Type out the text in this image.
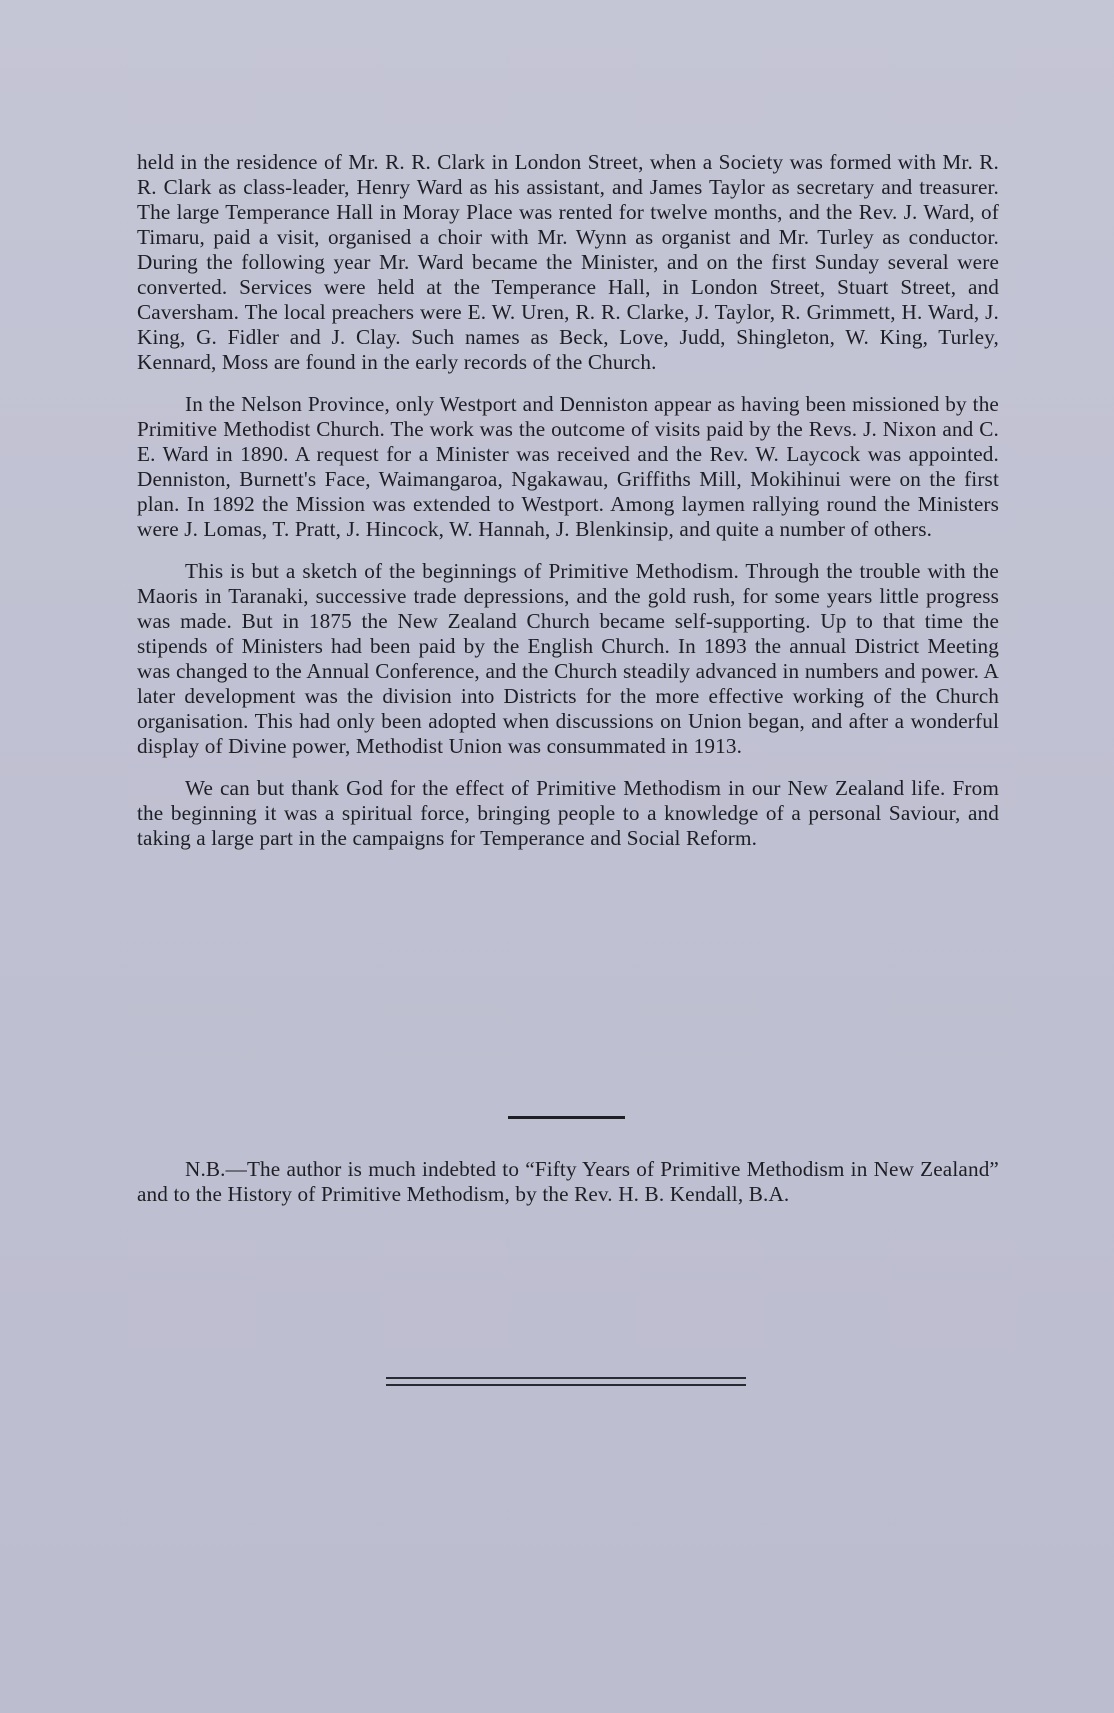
held in the residence of Mr. R. R. Clark in London Street, when a Society was formed with Mr. R. R. Clark as class-leader, Henry Ward as his assistant, and James Taylor as secretary and treasurer. The large Temperance Hall in Moray Place was rented for twelve months, and the Rev. J. Ward, of Timaru, paid a visit, organised a choir with Mr. Wynn as organist and Mr. Turley as conductor. During the following year Mr. Ward became the Minister, and on the first Sunday several were converted. Services were held at the Temperance Hall, in London Street, Stuart Street, and Caversham. The local preachers were E. W. Uren, R. R. Clarke, J. Taylor, R. Grimmett, H. Ward, J. King, G. Fidler and J. Clay. Such names as Beck, Love, Judd, Shingleton, W. King, Turley, Kennard, Moss are found in the early records of the Church.

In the Nelson Province, only Westport and Denniston appear as having been missioned by the Primitive Methodist Church. The work was the outcome of visits paid by the Revs. J. Nixon and C. E. Ward in 1890. A request for a Minister was received and the Rev. W. Laycock was appointed. Denniston, Burnett's Face, Waimangaroa, Ngakawau, Griffiths Mill, Mokihinui were on the first plan. In 1892 the Mission was extended to Westport. Among laymen rallying round the Ministers were J. Lomas, T. Pratt, J. Hincock, W. Hannah, J. Blenkinsip, and quite a number of others.

This is but a sketch of the beginnings of Primitive Methodism. Through the trouble with the Maoris in Taranaki, successive trade depressions, and the gold rush, for some years little progress was made. But in 1875 the New Zealand Church became self-supporting. Up to that time the stipends of Ministers had been paid by the English Church. In 1893 the annual District Meeting was changed to the Annual Conference, and the Church steadily advanced in numbers and power. A later development was the division into Districts for the more effective working of the Church organisation. This had only been adopted when discussions on Union began, and after a wonderful display of Divine power, Methodist Union was consummated in 1913.

We can but thank God for the effect of Primitive Methodism in our New Zealand life. From the beginning it was a spiritual force, bringing people to a knowledge of a personal Saviour, and taking a large part in the campaigns for Temperance and Social Reform.

N.B.—The author is much indebted to “Fifty Years of Primitive Methodism in New Zealand” and to the History of Primitive Methodism, by the Rev. H. B. Kendall, B.A.
